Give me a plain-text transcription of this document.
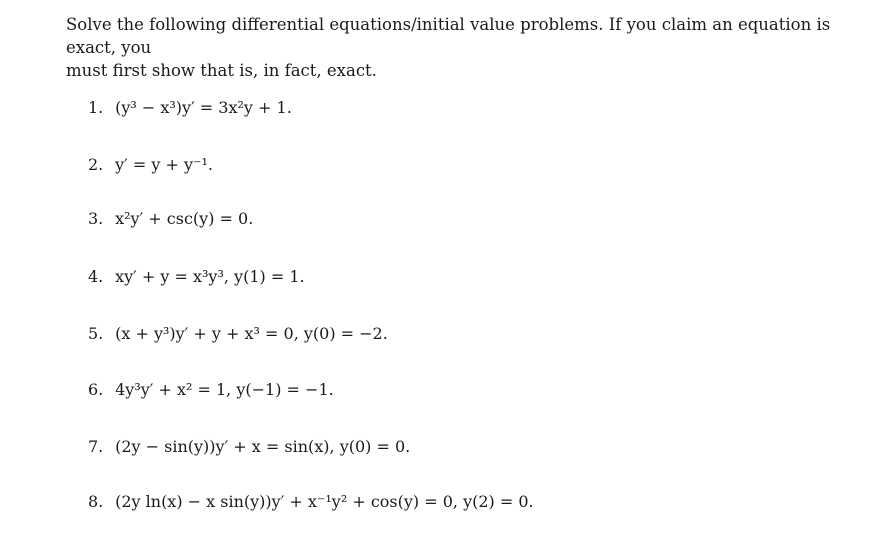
Solve the following differential equations/initial value problems. If you claim an equation is exact, you
must first show that is, in fact, exact.
1. (y³ − x³)y′ = 3x²y + 1.
2. y′ = y + y⁻¹.
3. x²y′ + csc(y) = 0.
4. xy′ + y = x³y³, y(1) = 1.
5. (x + y³)y′ + y + x³ = 0, y(0) = −2.
6. 4y³y′ + x² = 1, y(−1) = −1.
7. (2y − sin(y))y′ + x = sin(x), y(0) = 0.
8. (2y ln(x) − x sin(y))y′ + x⁻¹y² + cos(y) = 0, y(2) = 0.
